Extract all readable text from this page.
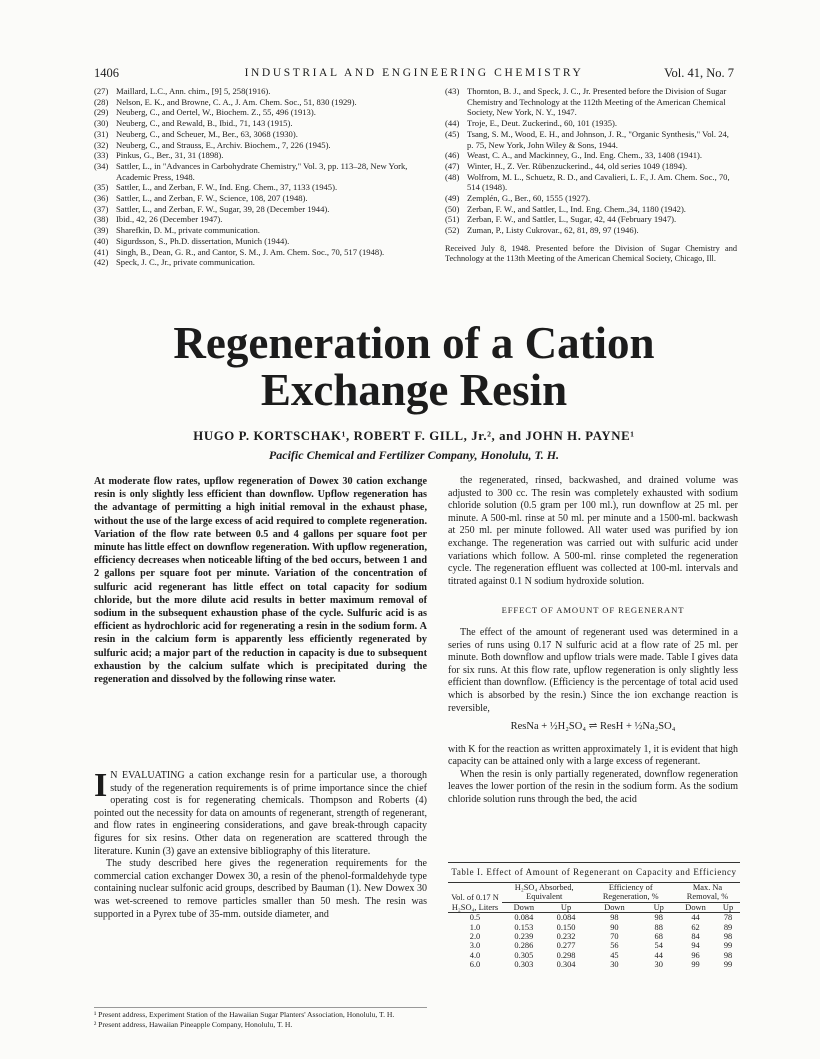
1406	INDUSTRIAL AND ENGINEERING CHEMISTRY	Vol. 41, No. 7
(27) Maillard, L.C., Ann. chim., [9] 5, 258(1916).
(28) Nelson, E. K., and Browne, C. A., J. Am. Chem. Soc., 51, 830 (1929).
(29) Neuberg, C., and Oertel, W., Biochem. Z., 55, 496 (1913).
(30) Neuberg, C., and Rewald, B., Ibid., 71, 143 (1915).
(31) Neuberg, C., and Scheuer, M., Ber., 63, 3068 (1930).
(32) Neuberg, C., and Strauss, E., Archiv. Biochem., 7, 226 (1945).
(33) Pinkus, G., Ber., 31, 31 (1898).
(34) Sattler, L., in "Advances in Carbohydrate Chemistry," Vol. 3, pp. 113–28, New York, Academic Press, 1948.
(35) Sattler, L., and Zerban, F. W., Ind. Eng. Chem., 37, 1133 (1945).
(36) Sattler, L., and Zerban, F. W., Science, 108, 207 (1948).
(37) Sattler, L., and Zerban, F. W., Sugar, 39, 28 (December 1944).
(38) Ibid., 42, 26 (December 1947).
(39) Sharefkin, D. M., private communication.
(40) Sigurdsson, S., Ph.D. dissertation, Munich (1944).
(41) Singh, B., Dean, G. R., and Cantor, S. M., J. Am. Chem. Soc., 70, 517 (1948).
(42) Speck, J. C., Jr., private communication.
(43) Thornton, B. J., and Speck, J. C., Jr. Presented before the Division of Sugar Chemistry and Technology at the 112th Meeting of the American Chemical Society, New York, N. Y., 1947.
(44) Troje, E., Deut. Zuckerind., 60, 101 (1935).
(45) Tsang, S. M., Wood, E. H., and Johnson, J. R., "Organic Synthesis," Vol. 24, p. 75, New York, John Wiley & Sons, 1944.
(46) Weast, C. A., and Mackinney, G., Ind. Eng. Chem., 33, 1408 (1941).
(47) Winter, H., Z. Ver. Rübenzuckerind., 44, old series 1049 (1894).
(48) Wolfrom, M. L., Schuetz, R. D., and Cavalieri, L. F., J. Am. Chem. Soc., 70, 514 (1948).
(49) Zemplén, G., Ber., 60, 1555 (1927).
(50) Zerban, F. W., and Sattler, L., Ind. Eng. Chem.,34, 1180 (1942).
(51) Zerban, F. W., and Sattler, L., Sugar, 42, 44 (February 1947).
(52) Zuman, P., Listy Cukrovar., 62, 81, 89, 97 (1946).
Received July 8, 1948. Presented before the Division of Sugar Chemistry and Technology at the 113th Meeting of the American Chemical Society, Chicago, Ill.
Regeneration of a Cation
Exchange Resin
HUGO P. KORTSCHAK¹, ROBERT F. GILL, Jr.², and JOHN H. PAYNE¹
Pacific Chemical and Fertilizer Company, Honolulu, T. H.
At moderate flow rates, upflow regeneration of Dowex 30 cation exchange resin is only slightly less efficient than downflow. Upflow regeneration has the advantage of permitting a high initial removal in the exhaust phase, without the use of the large excess of acid required to complete regeneration. Variation of the flow rate between 0.5 and 4 gallons per square foot per minute has little effect on downflow regeneration. With upflow regeneration, efficiency decreases when noticeable lifting of the bed occurs, between 1 and 2 gallons per square foot per minute. Variation of the concentration of sulfuric acid regenerant has little effect on total capacity for sodium chloride, but the more dilute acid results in better maximum removal of sodium in the subsequent exhaustion phase of the cycle. Sulfuric acid is as efficient as hydrochloric acid for regenerating a resin in the sodium form. A resin in the calcium form is apparently less efficiently regenerated by sulfuric acid; a major part of the reduction in capacity is due to subsequent exhaustion by the calcium sulfate which is precipitated during the regeneration and dissolved by the following rinse water.

I N EVALUATING a cation exchange resin for a particular use, a thorough study of the regeneration requirements is of prime importance since the chief operating cost is for regenerating chemicals. Thompson and Roberts (4) pointed out the necessity for data on amounts of regenerant, strength of regenerant, and flow rates in engineering considerations, and gave break-through capacity figures for six resins. Other data on regeneration are scattered through the literature. Kunin (3) gave an extensive bibliography of this literature.

The study described here gives the regeneration requirements for the commercial cation exchanger Dowex 30, a resin of the phenol-formaldehyde type containing nuclear sulfonic acid groups, described by Bauman (1). New Dowex 30 was wet-screened to remove particles smaller than 50 mesh. The resin was supported in a Pyrex tube of 35-mm. outside diameter, and

¹ Present address, Experiment Station of the Hawaiian Sugar Planters' Association, Honolulu, T. H.
² Present address, Hawaiian Pineapple Company, Honolulu, T. H.

the regenerated, rinsed, backwashed, and drained volume was adjusted to 300 cc. The resin was completely exhausted with sodium chloride solution (0.5 gram per 100 ml.), run downflow at 25 ml. per minute. A 500-ml. rinse at 50 ml. per minute and a 1500-ml. backwash at 250 ml. per minute followed. All water used was purified by ion exchange. The regeneration was carried out with sulfuric acid under variations which follow. A 500-ml. rinse completed the regeneration cycle. The regeneration effluent was collected at 100-ml. intervals and titrated against 0.1 N sodium hydroxide solution.

EFFECT OF AMOUNT OF REGENERANT

The effect of the amount of regenerant used was determined in a series of runs using 0.17 N sulfuric acid at a flow rate of 25 ml. per minute. Both downflow and upflow trials were made. Table I gives data for six runs. At this flow rate, upflow regeneration is only slightly less efficient than downflow. (Efficiency is the percentage of total acid used which is absorbed by the resin.) Since the ion exchange reaction is reversible,

ResNa + ½H₂SO₄ ⇌ ResH + ½Na₂SO₄

with K for the reaction as written approximately 1, it is evident that high capacity can be attained only with a large excess of regenerant.

When the resin is only partially regenerated, downflow regeneration leaves the lower portion of the resin in the sodium form. As the sodium chloride solution runs through the bed, the acid

Table I. Effect of Amount of Regenerant on Capacity and Efficiency
Vol. of 0.17 N H₂SO₄, Liters	H₂SO₄ Absorbed, Equivalent		Efficiency of Regeneration, %		Max. Na Removal, %	
	Down	Up	Down	Up	Down	Up
0.5	0.084	0.084	98	98	44	78
1.0	0.153	0.150	90	88	62	89
2.0	0.239	0.232	70	68	84	98
3.0	0.286	0.277	56	54	94	99
4.0	0.305	0.298	45	44	96	98
6.0	0.303	0.304	30	30	99	99
